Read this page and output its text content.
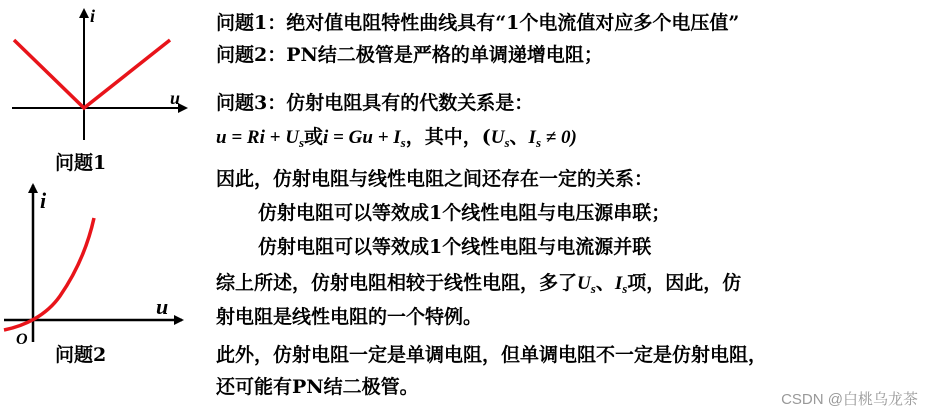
i
u
i
u
O
问题1
问题2
问题1：绝对值电阻特性曲线具有“1个电流值对应多个电压值”
问题2：PN结二极管是严格的单调递增电阻；
问题3：仿射电阻具有的代数关系是：
$u = Ri + U_s$或$i = Gu + I_s$，其中，($U_s$、$I_s \ne 0$)
因此，仿射电阻与线性电阻之间还存在一定的关系：
仿射电阻可以等效成1个线性电阻与电压源串联；
仿射电阻可以等效成1个线性电阻与电流源并联
综上所述，仿射电阻相较于线性电阻，多了$U_s$、$I_s$项，因此，仿
射电阻是线性电阻的一个特例。
此外，仿射电阻一定是单调电阻，但单调电阻不一定是仿射电阻，
还可能有PN结二极管。
CSDN @白桃乌龙茶
